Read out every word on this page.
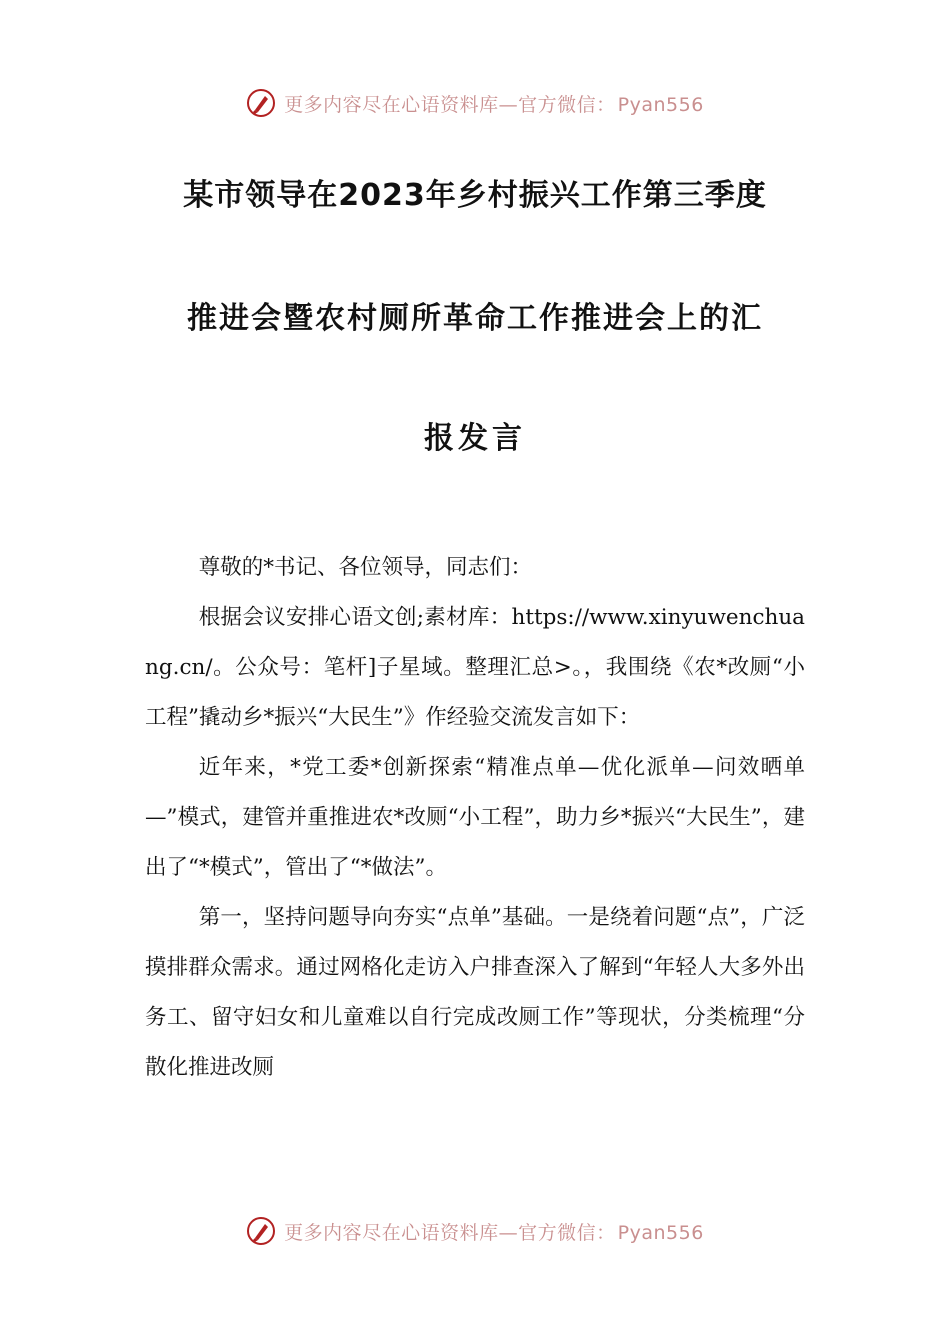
更多内容尽在心语资料库—官方微信： Pyan556
某市领导在2023年乡村振兴工作第三季度
推进会暨农村厕所革命工作推进会上的汇
报发言

尊敬的*书记、各位领导，同志们：

根据会议安排心语文创;素材库：https://www.xinyuwenchuang.cn/。公众号：笔杆]子星域。整理汇总>。，我围绕《农*改厕“小工程”撬动乡*振兴“大民生”》作经验交流发言如下：

近年来，*党工委*创新探索“精准点单—优化派单—问效晒单—”模式，建管并重推进农*改厕“小工程”，助力乡*振兴“大民生”，建出了“*模式”，管出了“*做法”。

第一，坚持问题导向夯实“点单”基础。一是绕着问题“点”，广泛摸排群众需求。通过网格化走访入户排查深入了解到“年轻人大多外出务工、留守妇女和儿童难以自行完成改厕工作”等现状，分类梳理“分散化推进改厕

更多内容尽在心语资料库—官方微信： Pyan556
